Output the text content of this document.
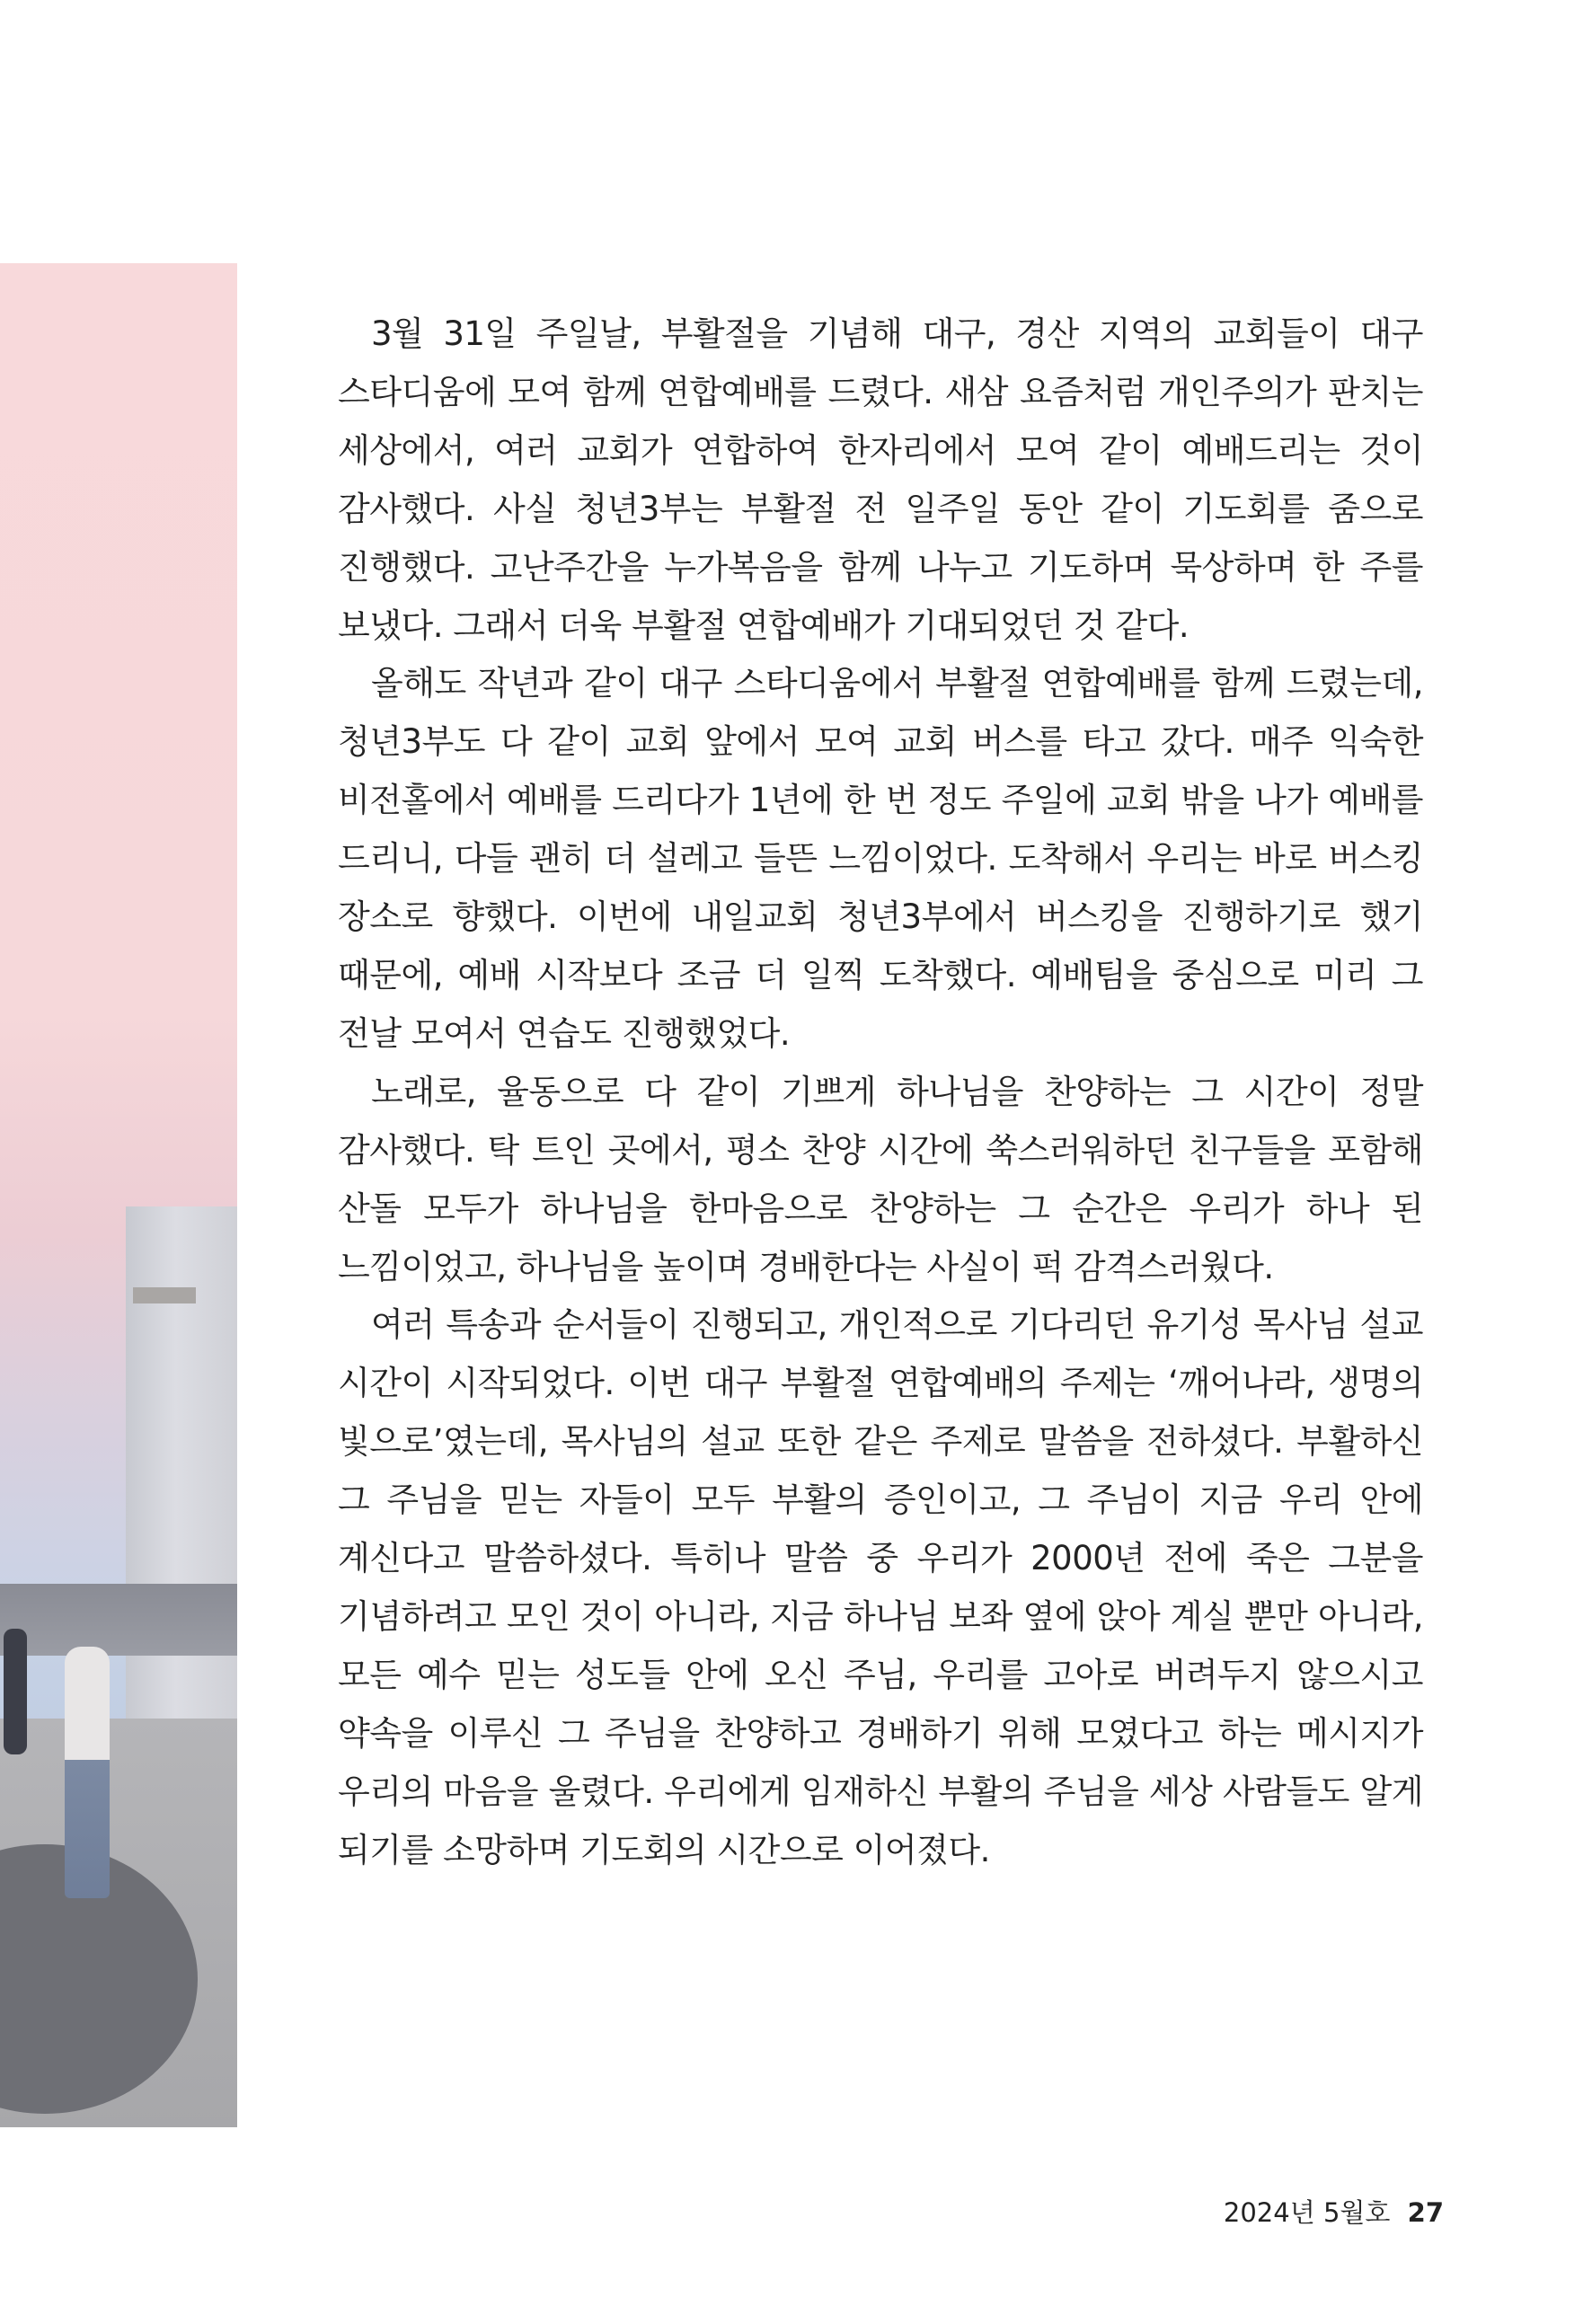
3월 31일 주일날, 부활절을 기념해 대구, 경산 지역의 교회들이 대구 스타디움에 모여 함께 연합예배를 드렸다. 새삼 요즘처럼 개인주의가 판치는 세상에서, 여러 교회가 연합하여 한자리에서 모여 같이 예배드리는 것이 감사했다. 사실 청년3부는 부활절 전 일주일 동안 같이 기도회를 줌으로 진행했다. 고난주간을 누가복음을 함께 나누고 기도하며 묵상하며 한 주를 보냈다. 그래서 더욱 부활절 연합예배가 기대되었던 것 같다.

올해도 작년과 같이 대구 스타디움에서 부활절 연합예배를 함께 드렸는데, 청년3부도 다 같이 교회 앞에서 모여 교회 버스를 타고 갔다. 매주 익숙한 비전홀에서 예배를 드리다가 1년에 한 번 정도 주일에 교회 밖을 나가 예배를 드리니, 다들 괜히 더 설레고 들뜬 느낌이었다. 도착해서 우리는 바로 버스킹 장소로 향했다. 이번에 내일교회 청년3부에서 버스킹을 진행하기로 했기 때문에, 예배 시작보다 조금 더 일찍 도착했다. 예배팀을 중심으로 미리 그 전날 모여서 연습도 진행했었다.

노래로, 율동으로 다 같이 기쁘게 하나님을 찬양하는 그 시간이 정말 감사했다. 탁 트인 곳에서, 평소 찬양 시간에 쑥스러워하던 친구들을 포함해 산돌 모두가 하나님을 한마음으로 찬양하는 그 순간은 우리가 하나 된 느낌이었고, 하나님을 높이며 경배한다는 사실이 퍽 감격스러웠다.

여러 특송과 순서들이 진행되고, 개인적으로 기다리던 유기성 목사님 설교 시간이 시작되었다. 이번 대구 부활절 연합예배의 주제는 ‘깨어나라, 생명의 빛으로’였는데, 목사님의 설교 또한 같은 주제로 말씀을 전하셨다. 부활하신 그 주님을 믿는 자들이 모두 부활의 증인이고, 그 주님이 지금 우리 안에 계신다고 말씀하셨다. 특히나 말씀 중 우리가 2000년 전에 죽은 그분을 기념하려고 모인 것이 아니라, 지금 하나님 보좌 옆에 앉아 계실 뿐만 아니라, 모든 예수 믿는 성도들 안에 오신 주님, 우리를 고아로 버려두지 않으시고 약속을 이루신 그 주님을 찬양하고 경배하기 위해 모였다고 하는 메시지가 우리의 마음을 울렸다. 우리에게 임재하신 부활의 주님을 세상 사람들도 알게 되기를 소망하며 기도회의 시간으로 이어졌다.

2024년 5월호 27
